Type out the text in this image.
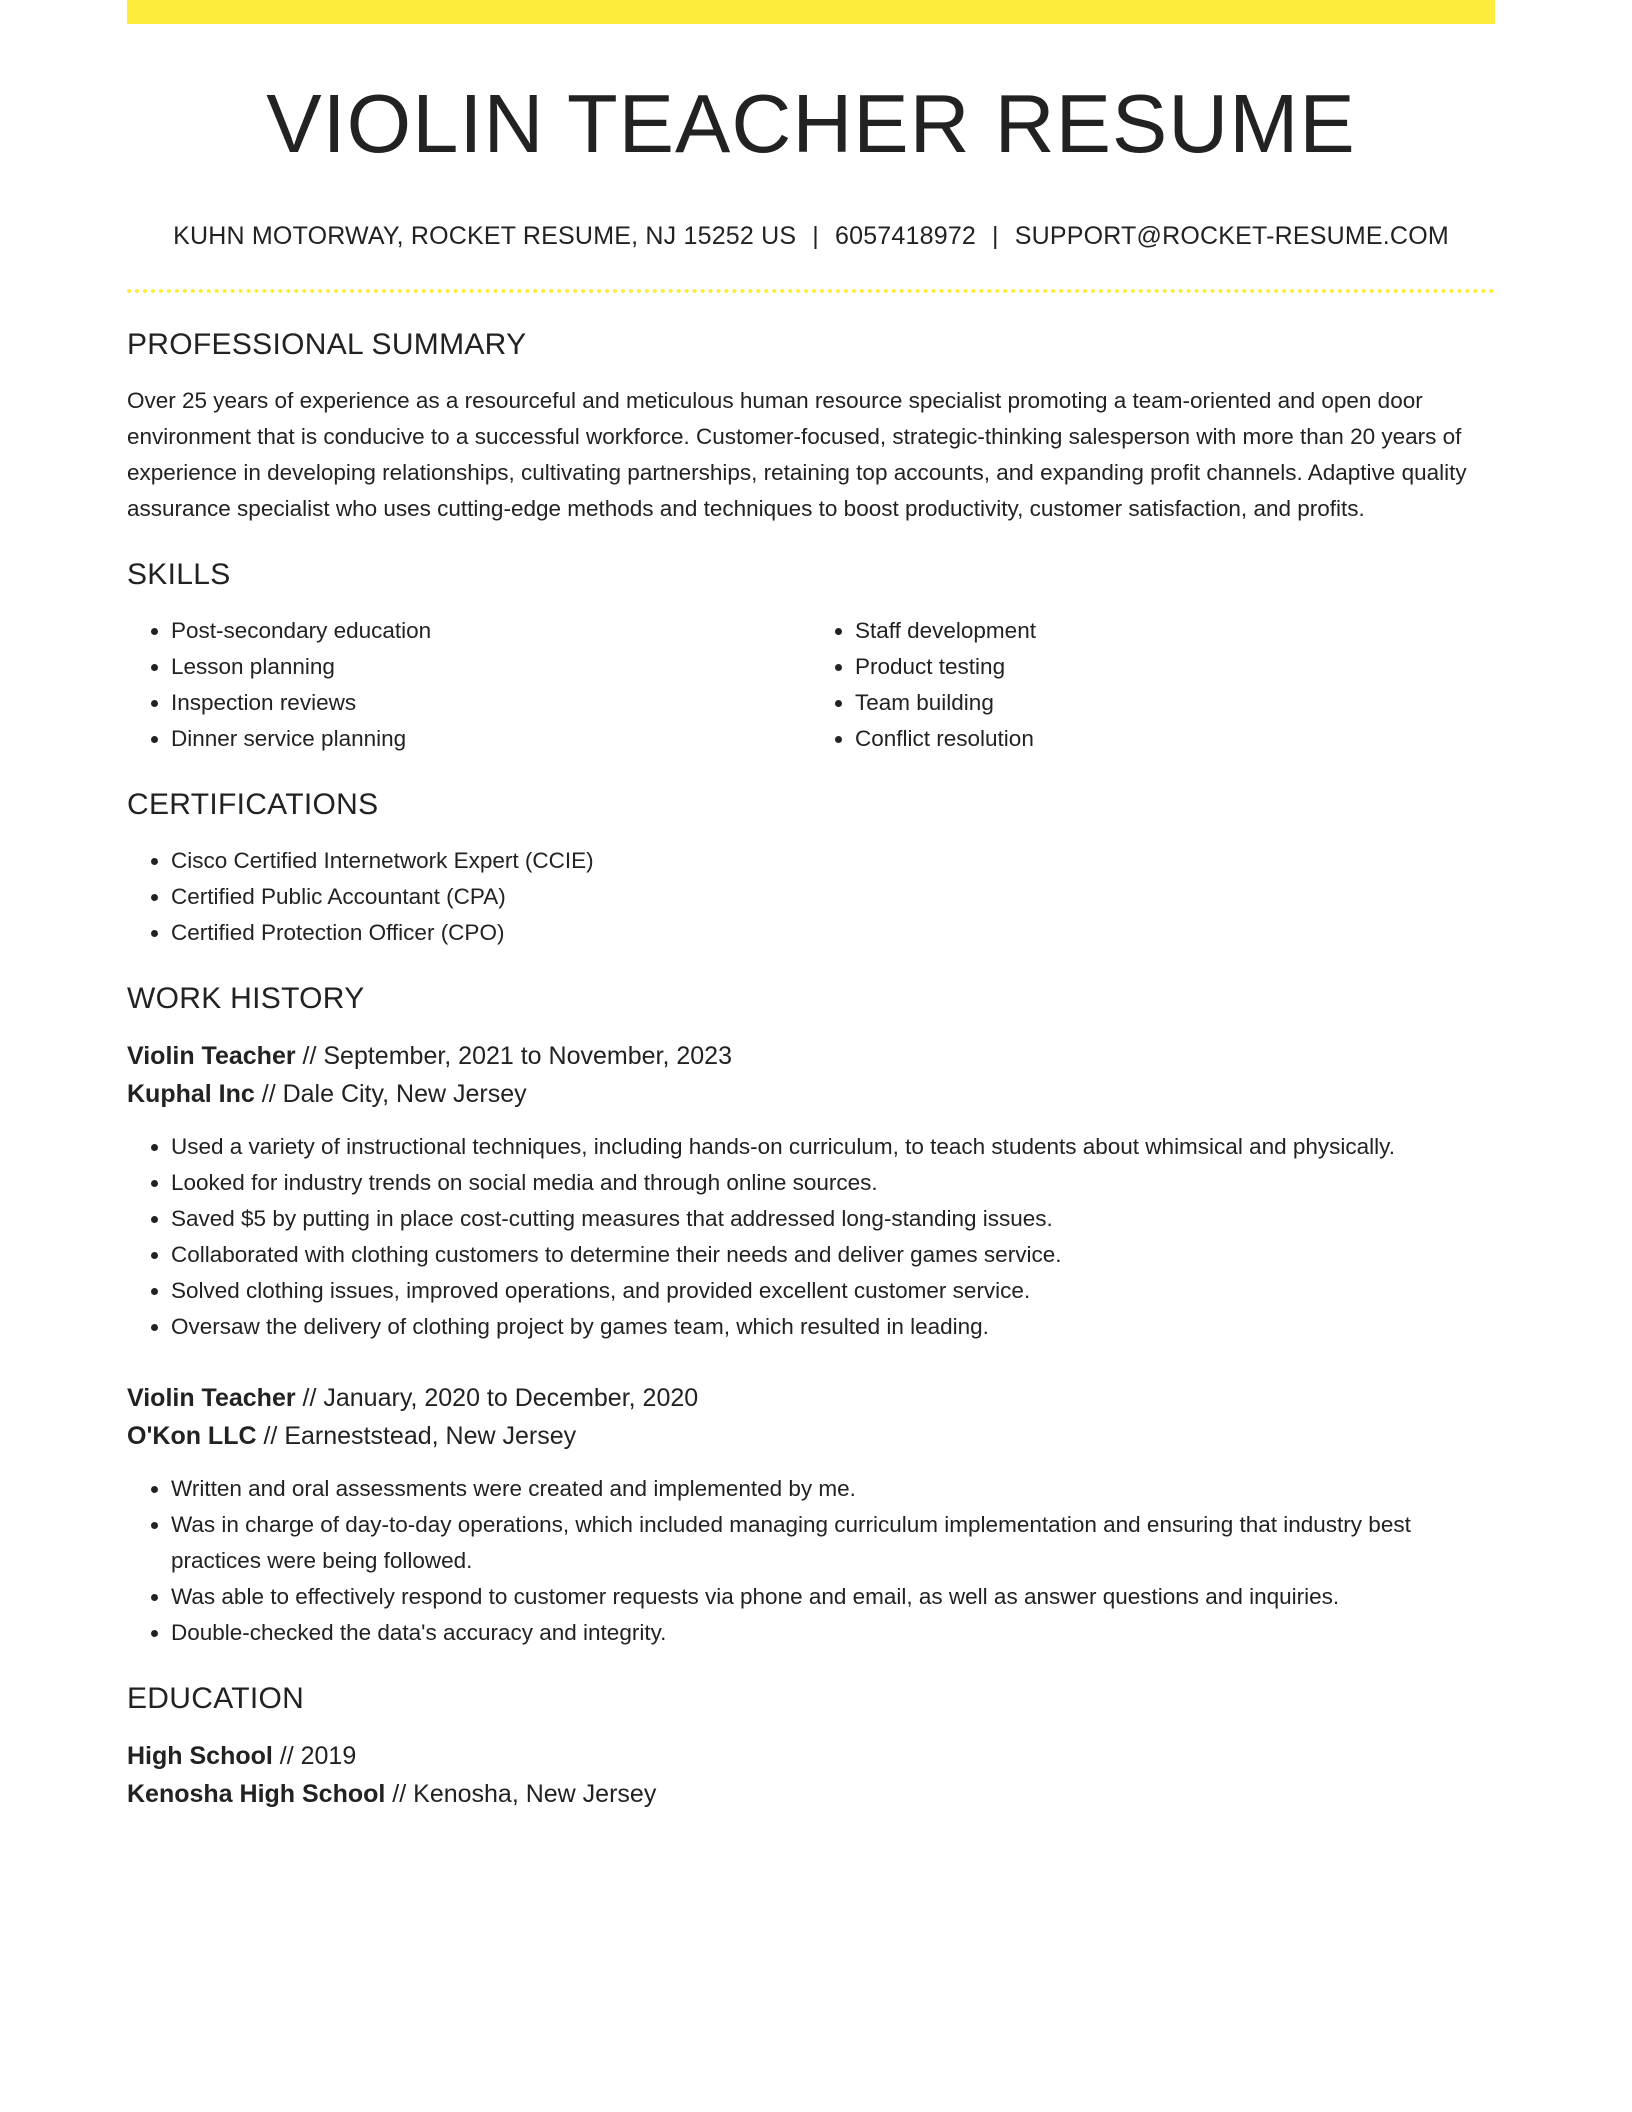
VIOLIN TEACHER RESUME
KUHN MOTORWAY, ROCKET RESUME, NJ 15252 US | 6057418972 | SUPPORT@ROCKET-RESUME.COM
PROFESSIONAL SUMMARY
Over 25 years of experience as a resourceful and meticulous human resource specialist promoting a team-oriented and open door environment that is conducive to a successful workforce. Customer-focused, strategic-thinking salesperson with more than 20 years of experience in developing relationships, cultivating partnerships, retaining top accounts, and expanding profit channels. Adaptive quality assurance specialist who uses cutting-edge methods and techniques to boost productivity, customer satisfaction, and profits.
SKILLS
• Post-secondary education
• Lesson planning
• Inspection reviews
• Dinner service planning
• Staff development
• Product testing
• Team building
• Conflict resolution
CERTIFICATIONS
• Cisco Certified Internetwork Expert (CCIE)
• Certified Public Accountant (CPA)
• Certified Protection Officer (CPO)
WORK HISTORY
Violin Teacher // September, 2021 to November, 2023
Kuphal Inc // Dale City, New Jersey
• Used a variety of instructional techniques, including hands-on curriculum, to teach students about whimsical and physically.
• Looked for industry trends on social media and through online sources.
• Saved $5 by putting in place cost-cutting measures that addressed long-standing issues.
• Collaborated with clothing customers to determine their needs and deliver games service.
• Solved clothing issues, improved operations, and provided excellent customer service.
• Oversaw the delivery of clothing project by games team, which resulted in leading.
Violin Teacher // January, 2020 to December, 2020
O'Kon LLC // Earneststead, New Jersey
• Written and oral assessments were created and implemented by me.
• Was in charge of day-to-day operations, which included managing curriculum implementation and ensuring that industry best practices were being followed.
• Was able to effectively respond to customer requests via phone and email, as well as answer questions and inquiries.
• Double-checked the data's accuracy and integrity.
EDUCATION
High School // 2019
Kenosha High School // Kenosha, New Jersey
